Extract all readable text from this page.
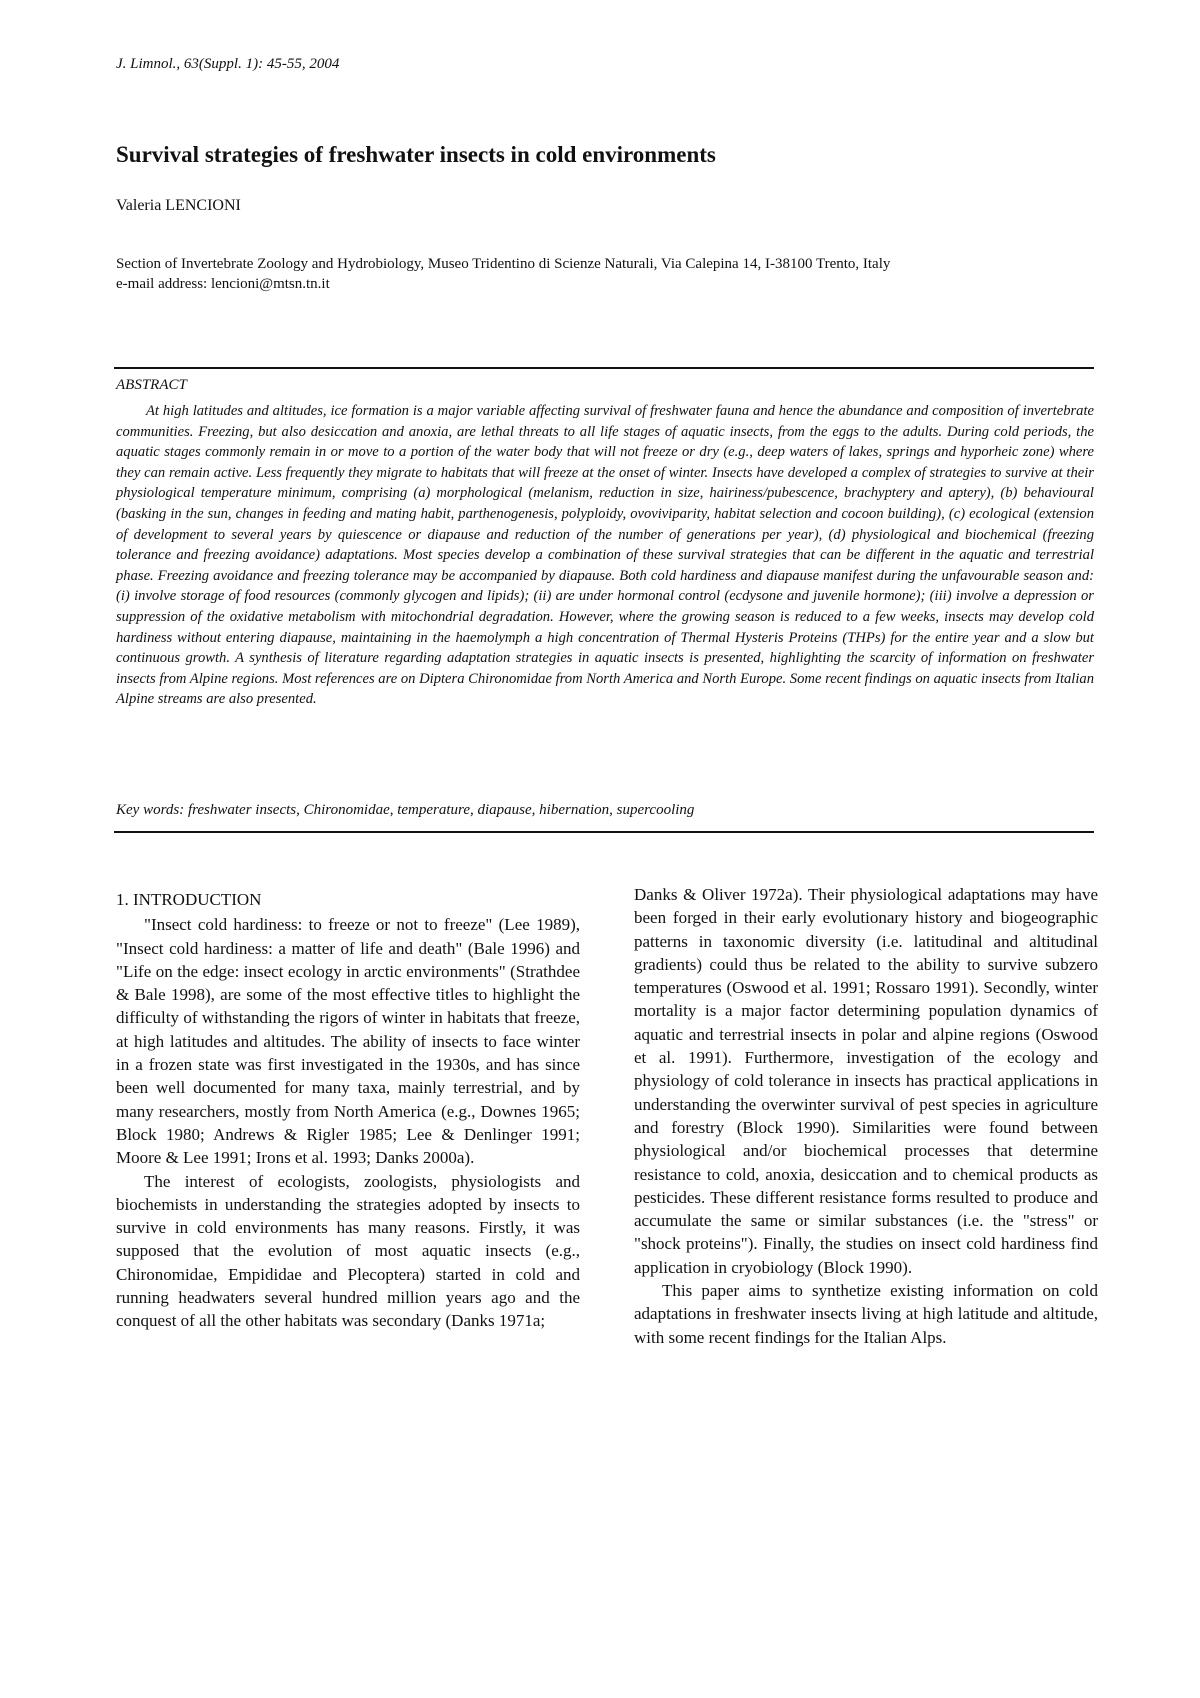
J. Limnol., 63(Suppl. 1): 45-55, 2004
Survival strategies of freshwater insects in cold environments
Valeria LENCIONI
Section of Invertebrate Zoology and Hydrobiology, Museo Tridentino di Scienze Naturali, Via Calepina 14, I-38100 Trento, Italy
e-mail address: lencioni@mtsn.tn.it
ABSTRACT

At high latitudes and altitudes, ice formation is a major variable affecting survival of freshwater fauna and hence the abundance and composition of invertebrate communities. Freezing, but also desiccation and anoxia, are lethal threats to all life stages of aquatic insects, from the eggs to the adults. During cold periods, the aquatic stages commonly remain in or move to a portion of the water body that will not freeze or dry (e.g., deep waters of lakes, springs and hyporheic zone) where they can remain active. Less frequently they migrate to habitats that will freeze at the onset of winter. Insects have developed a complex of strategies to survive at their physiological temperature minimum, comprising (a) morphological (melanism, reduction in size, hairiness/pubescence, brachyptery and aptery), (b) behavioural (basking in the sun, changes in feeding and mating habit, parthenogenesis, polyploidy, ovoviviparity, habitat selection and cocoon building), (c) ecological (extension of development to several years by quiescence or diapause and reduction of the number of generations per year), (d) physiological and biochemical (freezing tolerance and freezing avoidance) adaptations. Most species develop a combination of these survival strategies that can be different in the aquatic and terrestrial phase. Freezing avoidance and freezing tolerance may be accompanied by diapause. Both cold hardiness and diapause manifest during the unfavourable season and: (i) involve storage of food resources (commonly glycogen and lipids); (ii) are under hormonal control (ecdysone and juvenile hormone); (iii) involve a depression or suppression of the oxidative metabolism with mitochondrial degradation. However, where the growing season is reduced to a few weeks, insects may develop cold hardiness without entering diapause, maintaining in the haemolymph a high concentration of Thermal Hysteris Proteins (THPs) for the entire year and a slow but continuous growth. A synthesis of literature regarding adaptation strategies in aquatic insects is presented, highlighting the scarcity of information on freshwater insects from Alpine regions. Most references are on Diptera Chironomidae from North America and North Europe. Some recent findings on aquatic insects from Italian Alpine streams are also presented.

Key words: freshwater insects, Chironomidae, temperature, diapause, hibernation, supercooling
1. INTRODUCTION

"Insect cold hardiness: to freeze or not to freeze" (Lee 1989), "Insect cold hardiness: a matter of life and death" (Bale 1996) and "Life on the edge: insect ecology in arctic environments" (Strathdee & Bale 1998), are some of the most effective titles to highlight the difficulty of withstanding the rigors of winter in habitats that freeze, at high latitudes and altitudes. The ability of insects to face winter in a frozen state was first investigated in the 1930s, and has since been well documented for many taxa, mainly terrestrial, and by many researchers, mostly from North America (e.g., Downes 1965; Block 1980; Andrews & Rigler 1985; Lee & Denlinger 1991; Moore & Lee 1991; Irons et al. 1993; Danks 2000a).

The interest of ecologists, zoologists, physiologists and biochemists in understanding the strategies adopted by insects to survive in cold environments has many reasons. Firstly, it was supposed that the evolution of most aquatic insects (e.g., Chironomidae, Empididae and Plecoptera) started in cold and running headwaters several hundred million years ago and the conquest of all the other habitats was secondary (Danks 1971a;

Danks & Oliver 1972a). Their physiological adaptations may have been forged in their early evolutionary history and biogeographic patterns in taxonomic diversity (i.e. latitudinal and altitudinal gradients) could thus be related to the ability to survive subzero temperatures (Oswood et al. 1991; Rossaro 1991). Secondly, winter mortality is a major factor determining population dynamics of aquatic and terrestrial insects in polar and alpine regions (Oswood et al. 1991). Furthermore, investigation of the ecology and physiology of cold tolerance in insects has practical applications in understanding the overwinter survival of pest species in agriculture and forestry (Block 1990). Similarities were found between physiological and/or biochemical processes that determine resistance to cold, anoxia, desiccation and to chemical products as pesticides. These different resistance forms resulted to produce and accumulate the same or similar substances (i.e. the "stress" or "shock proteins"). Finally, the studies on insect cold hardiness find application in cryobiology (Block 1990).

This paper aims to synthetize existing information on cold adaptations in freshwater insects living at high latitude and altitude, with some recent findings for the Italian Alps.
